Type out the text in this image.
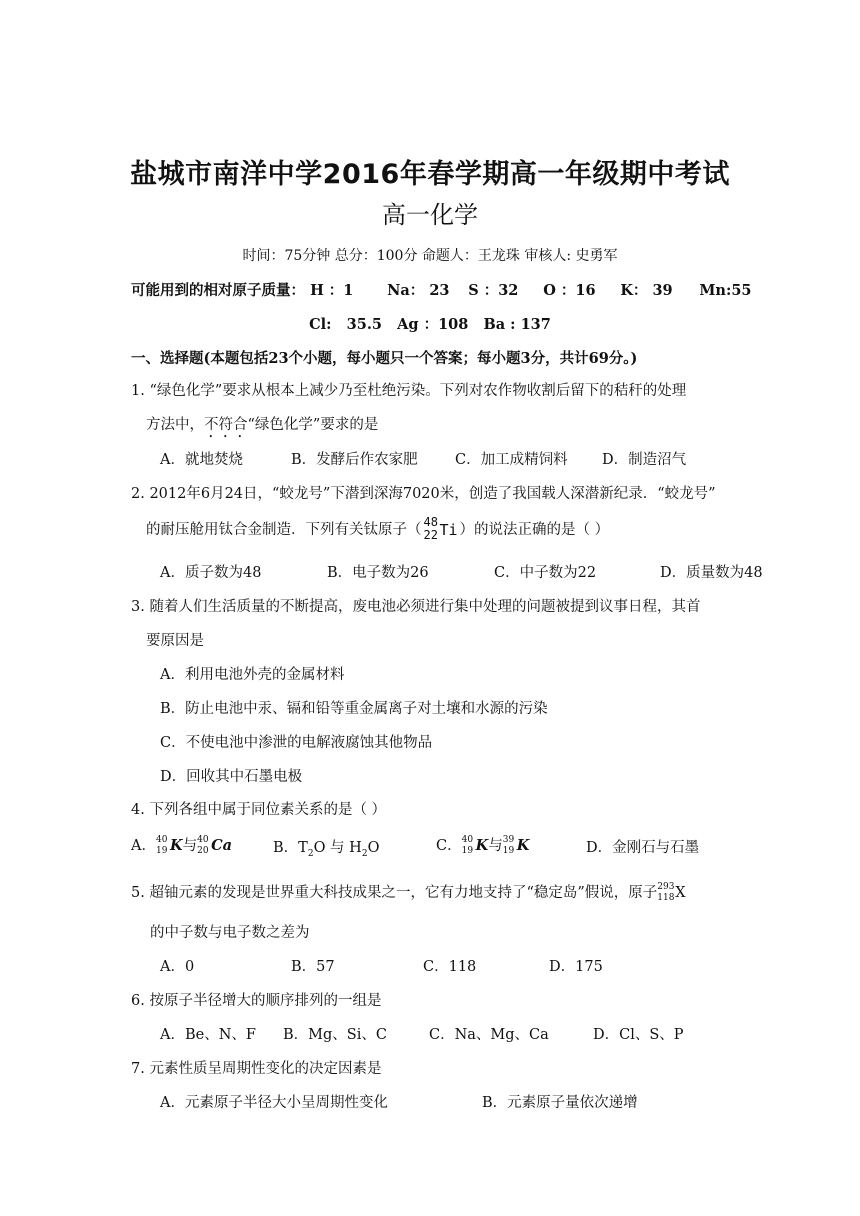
盐城市南洋中学2016年春学期高一年级期中考试
高一化学
时间：75分钟 总分：100分 命题人：王龙珠 审核人: 史勇军
可能用到的相对原子质量： H ：1 Na： 23 S ：32 O ：16 K： 39 Mn:55
Cl:   35.5   Ag ：108   Ba : 137
一、选择题(本题包括23个小题，每小题只一个答案；每小题3分，共计69分。)
1. “绿色化学”要求从根本上减少乃至杜绝污染。下列对农作物收割后留下的秸秆的处理
方法中，不符合“绿色化学”要求的是
A．就地焚烧	B．发酵后作农家肥	C．加工成精饲料 D．制造沼气
2. 2012年6月24日，“蛟龙号”下潜到深海7020米，创造了我国载人深潜新纪录．“蛟龙号”
的耐压舱用钛合金制造．下列有关钛原子（ 48
22 Ti ）的说法正确的是（ ）
A．质子数为48	B．电子数为26	C．中子数为22	D．质量数为48
3. 随着人们生活质量的不断提高，废电池必须进行集中处理的问题被提到议事日程，其首
要原因是
A．利用电池外壳的金属材料
B．防止电池中汞、镉和铅等重金属离子对土壤和水源的污染
C．不使电池中渗泄的电解液腐蚀其他物品
D．回收其中石墨电极
4. 下列各组中属于同位素关系的是（ ）
A． 40
19 K与 40
20 Ca	B．$T_2O$ 与 $H_2O$	C． 40
19 K与 39
19 K	D．金刚石与石墨
5. 超铀元素的发现是世界重大科技成果之一，它有力地支持了“稳定岛”假说，原子 293
118 X
的中子数与电子数之差为
A．0	B．57	C．118	D．175
6. 按原子半径增大的顺序排列的一组是
A．Be、N、F B．Mg、Si、C	C．Na、Mg、Ca	D．Cl、S、P
7. 元素性质呈周期性变化的决定因素是
A．元素原子半径大小呈周期性变化	B．元素原子量依次递增
